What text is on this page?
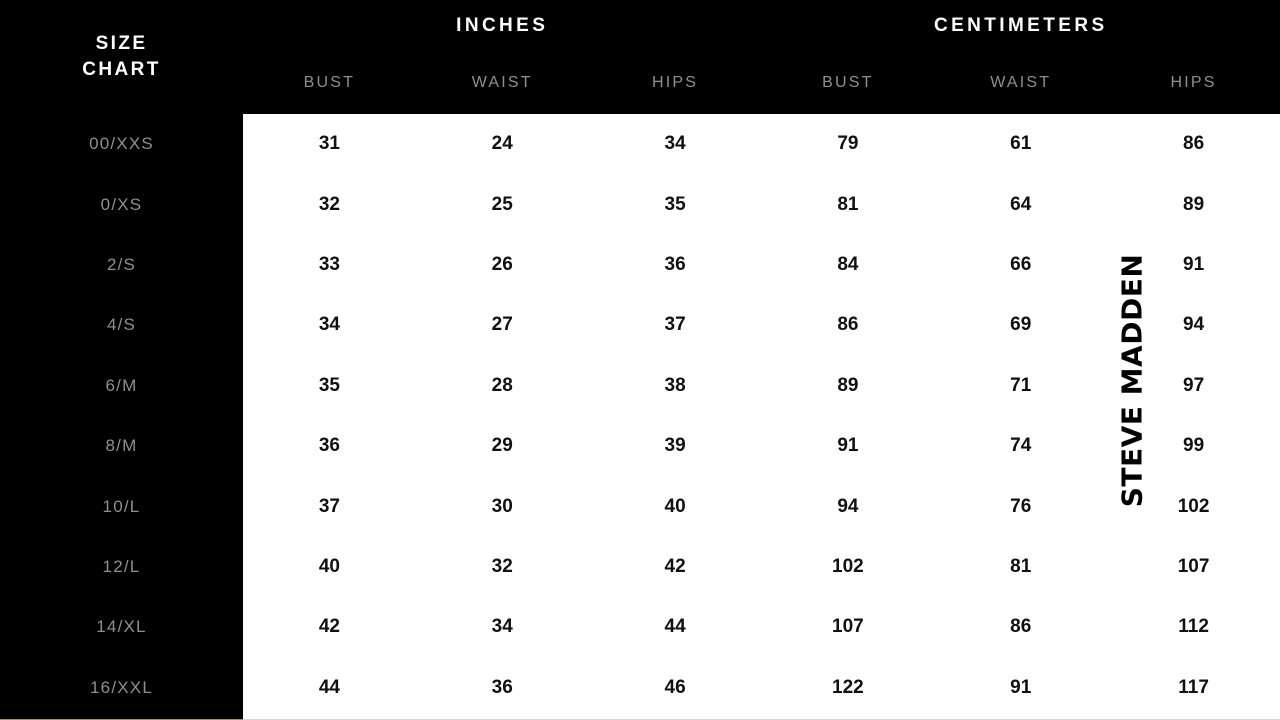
SIZE
CHART	INCHES			CENTIMETERS		
	BUST	WAIST	HIPS	BUST	WAIST	HIPS
00/XXS	31	24	34	79	61	86
0/XS	32	25	35	81	64	89
2/S	33	26	36	84	66	91
4/S	34	27	37	86	69	94
6/M	35	28	38	89	71	97
8/M	36	29	39	91	74	99
10/L	37	30	40	94	76	102
12/L	40	32	42	102	81	107
14/XL	42	34	44	107	86	112
16/XXL	44	36	46	122	91	117
STEVE MADDEN
